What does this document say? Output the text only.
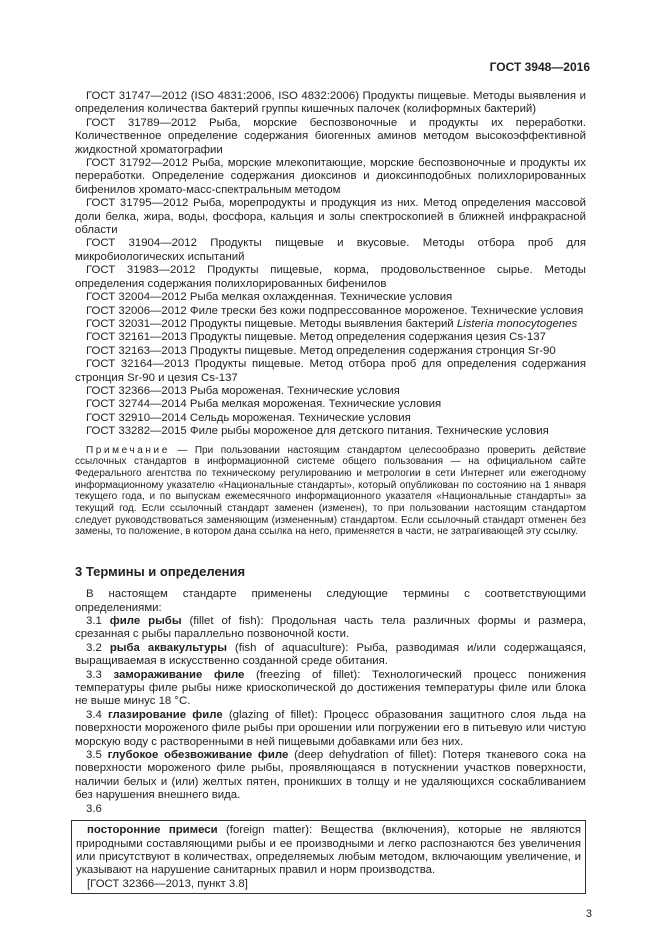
ГОСТ 3948—2016

ГОСТ 31747—2012 (ISO 4831:2006, ISO 4832:2006) Продукты пищевые. Методы выявления и определения количества бактерий группы кишечных палочек (колиформных бактерий)

ГОСТ 31789—2012 Рыба, морские беспозвоночные и продукты их переработки. Количественное определение содержания биогенных аминов методом высокоэффективной жидкостной хроматографии

ГОСТ 31792—2012 Рыба, морские млекопитающие, морские беспозвоночные и продукты их переработки. Определение содержания диоксинов и диоксинподобных полихлорированных бифенилов хромато-масс-спектральным методом

ГОСТ 31795—2012 Рыба, морепродукты и продукция из них. Метод определения массовой доли белка, жира, воды, фосфора, кальция и золы спектроскопией в ближней инфракрасной области

ГОСТ 31904—2012 Продукты пищевые и вкусовые. Методы отбора проб для микробиологических испытаний

ГОСТ 31983—2012 Продукты пищевые, корма, продовольственное сырье. Методы определения содержания полихлорированных бифенилов

ГОСТ 32004—2012 Рыба мелкая охлажденная. Технические условия

ГОСТ 32006—2012 Филе трески без кожи подпрессованное мороженое. Технические условия

ГОСТ 32031—2012 Продукты пищевые. Методы выявления бактерий Listeria monocytogenes

ГОСТ 32161—2013 Продукты пищевые. Метод определения содержания цезия Cs-137

ГОСТ 32163—2013 Продукты пищевые. Метод определения содержания стронция Sr-90

ГОСТ 32164—2013 Продукты пищевые. Метод отбора проб для определения содержания стронция Sr-90 и цезия Cs-137

ГОСТ 32366—2013 Рыба мороженая. Технические условия

ГОСТ 32744—2014 Рыба мелкая мороженая. Технические условия

ГОСТ 32910—2014 Сельдь мороженая. Технические условия

ГОСТ 33282—2015 Филе рыбы мороженое для детского питания. Технические условия

Примечание — При пользовании настоящим стандартом целесообразно проверить действие ссылочных стандартов в информационной системе общего пользования — на официальном сайте Федерального агентства по техническому регулированию и метрологии в сети Интернет или ежегодному информационному указателю «Национальные стандарты», который опубликован по состоянию на 1 января текущего года, и по выпускам ежемесячного информационного указателя «Национальные стандарты» за текущий год. Если ссылочный стандарт заменен (изменен), то при пользовании настоящим стандартом следует руководствоваться заменяющим (измененным) стандартом. Если ссылочный стандарт отменен без замены, то положение, в котором дана ссылка на него, применяется в части, не затрагивающей эту ссылку.

3 Термины и определения

В настоящем стандарте применены следующие термины с соответствующими определениями:

3.1 филе рыбы (fillet of fish): Продольная часть тела различных формы и размера, срезанная с рыбы параллельно позвоночной кости.

3.2 рыба аквакультуры (fish of aquaculture): Рыба, разводимая и/или содержащаяся, выращиваемая в искусственно созданной среде обитания.

3.3 замораживание филе (freezing of fillet): Технологический процесс понижения температуры филе рыбы ниже криоскопической до достижения температуры филе или блока не выше минус 18 °С.

3.4 глазирование филе (glazing of fillet): Процесс образования защитного слоя льда на поверхности мороженого филе рыбы при орошении или погружении его в питьевую или чистую морскую воду с растворенными в ней пищевыми добавками или без них.

3.5 глубокое обезвоживание филе (deep dehydration of fillet): Потеря тканевого сока на поверхности мороженого филе рыбы, проявляющаяся в потускнении участков поверхности, наличии белых и (или) желтых пятен, проникших в толщу и не удаляющихся соскабливанием без нарушения внешнего вида.

3.6

посторонние примеси (foreign matter): Вещества (включения), которые не являются природными составляющими рыбы и ее производными и легко распознаются без увеличения или присутствуют в количествах, определяемых любым методом, включающим увеличение, и указывают на нарушение санитарных правил и норм производства.

[ГОСТ 32366—2013, пункт 3.8]

3
